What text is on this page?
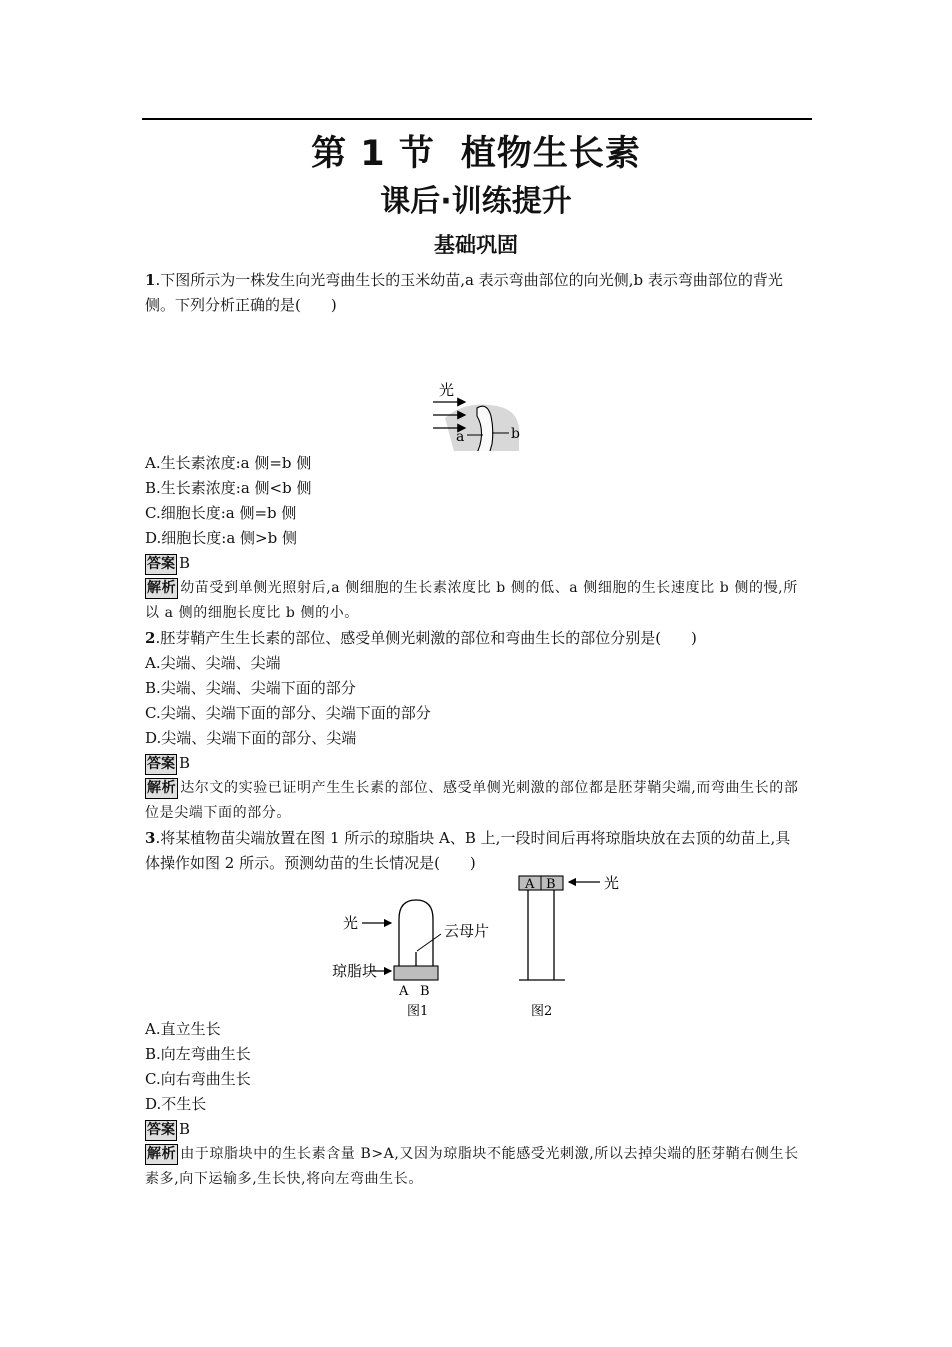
第 1 节 植物生长素
课后·训练提升
基础巩固

1.下图所示为一株发生向光弯曲生长的玉米幼苗,a 表示弯曲部位的向光侧,b 表示弯曲部位的背光侧。下列分析正确的是(　　)

光
a	b

A.生长素浓度:a 侧=b 侧

B.生长素浓度:a 侧<b 侧

C.细胞长度:a 侧=b 侧

D.细胞长度:a 侧>b 侧

答案 B

解析 幼苗受到单侧光照射后,a 侧细胞的生长素浓度比 b 侧的低、a 侧细胞的生长速度比 b 侧的慢,所以 a 侧的细胞长度比 b 侧的小。

2.胚芽鞘产生生长素的部位、感受单侧光刺激的部位和弯曲生长的部位分别是(　　)

A.尖端、尖端、尖端

B.尖端、尖端、尖端下面的部分

C.尖端、尖端下面的部分、尖端下面的部分

D.尖端、尖端下面的部分、尖端

答案 B

解析 达尔文的实验已证明产生生长素的部位、感受单侧光刺激的部位都是胚芽鞘尖端,而弯曲生长的部位是尖端下面的部分。

3.将某植物苗尖端放置在图 1 所示的琼脂块 A、B 上,一段时间后再将琼脂块放在去顶的幼苗上,具体操作如图 2 所示。预测幼苗的生长情况是(　　)

光	云母片
琼脂块
A B
图1
A B	光
图2

A.直立生长

B.向左弯曲生长

C.向右弯曲生长

D.不生长

答案 B

解析 由于琼脂块中的生长素含量 B>A,又因为琼脂块不能感受光刺激,所以去掉尖端的胚芽鞘右侧生长素多,向下运输多,生长快,将向左弯曲生长。
